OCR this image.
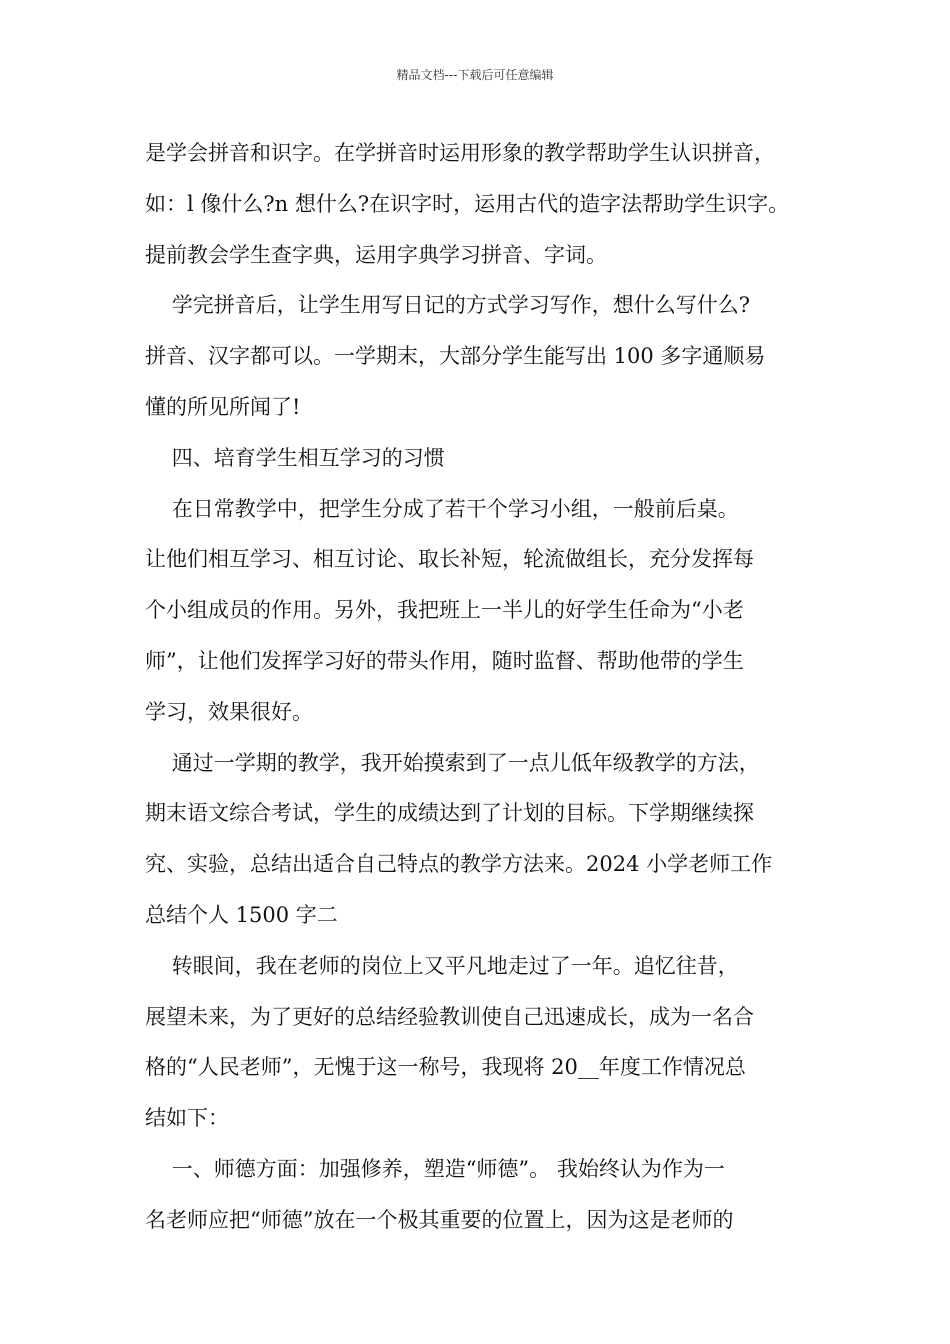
精品文档---下载后可任意编辑
是学会拼音和识字。在学拼音时运用形象的教学帮助学生认识拼音，
如：l 像什么?n 想什么?在识字时，运用古代的造字法帮助学生识字。
提前教会学生查字典，运用字典学习拼音、字词。
学完拼音后，让学生用写日记的方式学习写作，想什么写什么?
拼音、汉字都可以。一学期末，大部分学生能写出 100 多字通顺易
懂的所见所闻了!
四、培育学生相互学习的习惯
在日常教学中，把学生分成了若干个学习小组，一般前后桌。
让他们相互学习、相互讨论、取长补短，轮流做组长，充分发挥每
个小组成员的作用。另外，我把班上一半儿的好学生任命为“小老
师”，让他们发挥学习好的带头作用，随时监督、帮助他带的学生
学习，效果很好。
通过一学期的教学，我开始摸索到了一点儿低年级教学的方法，
期末语文综合考试，学生的成绩达到了计划的目标。下学期继续探
究、实验，总结出适合自己特点的教学方法来。2024 小学老师工作
总结个人 1500 字二
转眼间，我在老师的岗位上又平凡地走过了一年。追忆往昔，
展望未来，为了更好的总结经验教训使自己迅速成长，成为一名合
格的“人民老师”，无愧于这一称号，我现将 20__年度工作情况总
结如下：
一、师德方面：加强修养，塑造“师德”。 我始终认为作为一
名老师应把“师德”放在一个极其重要的位置上，因为这是老师的
